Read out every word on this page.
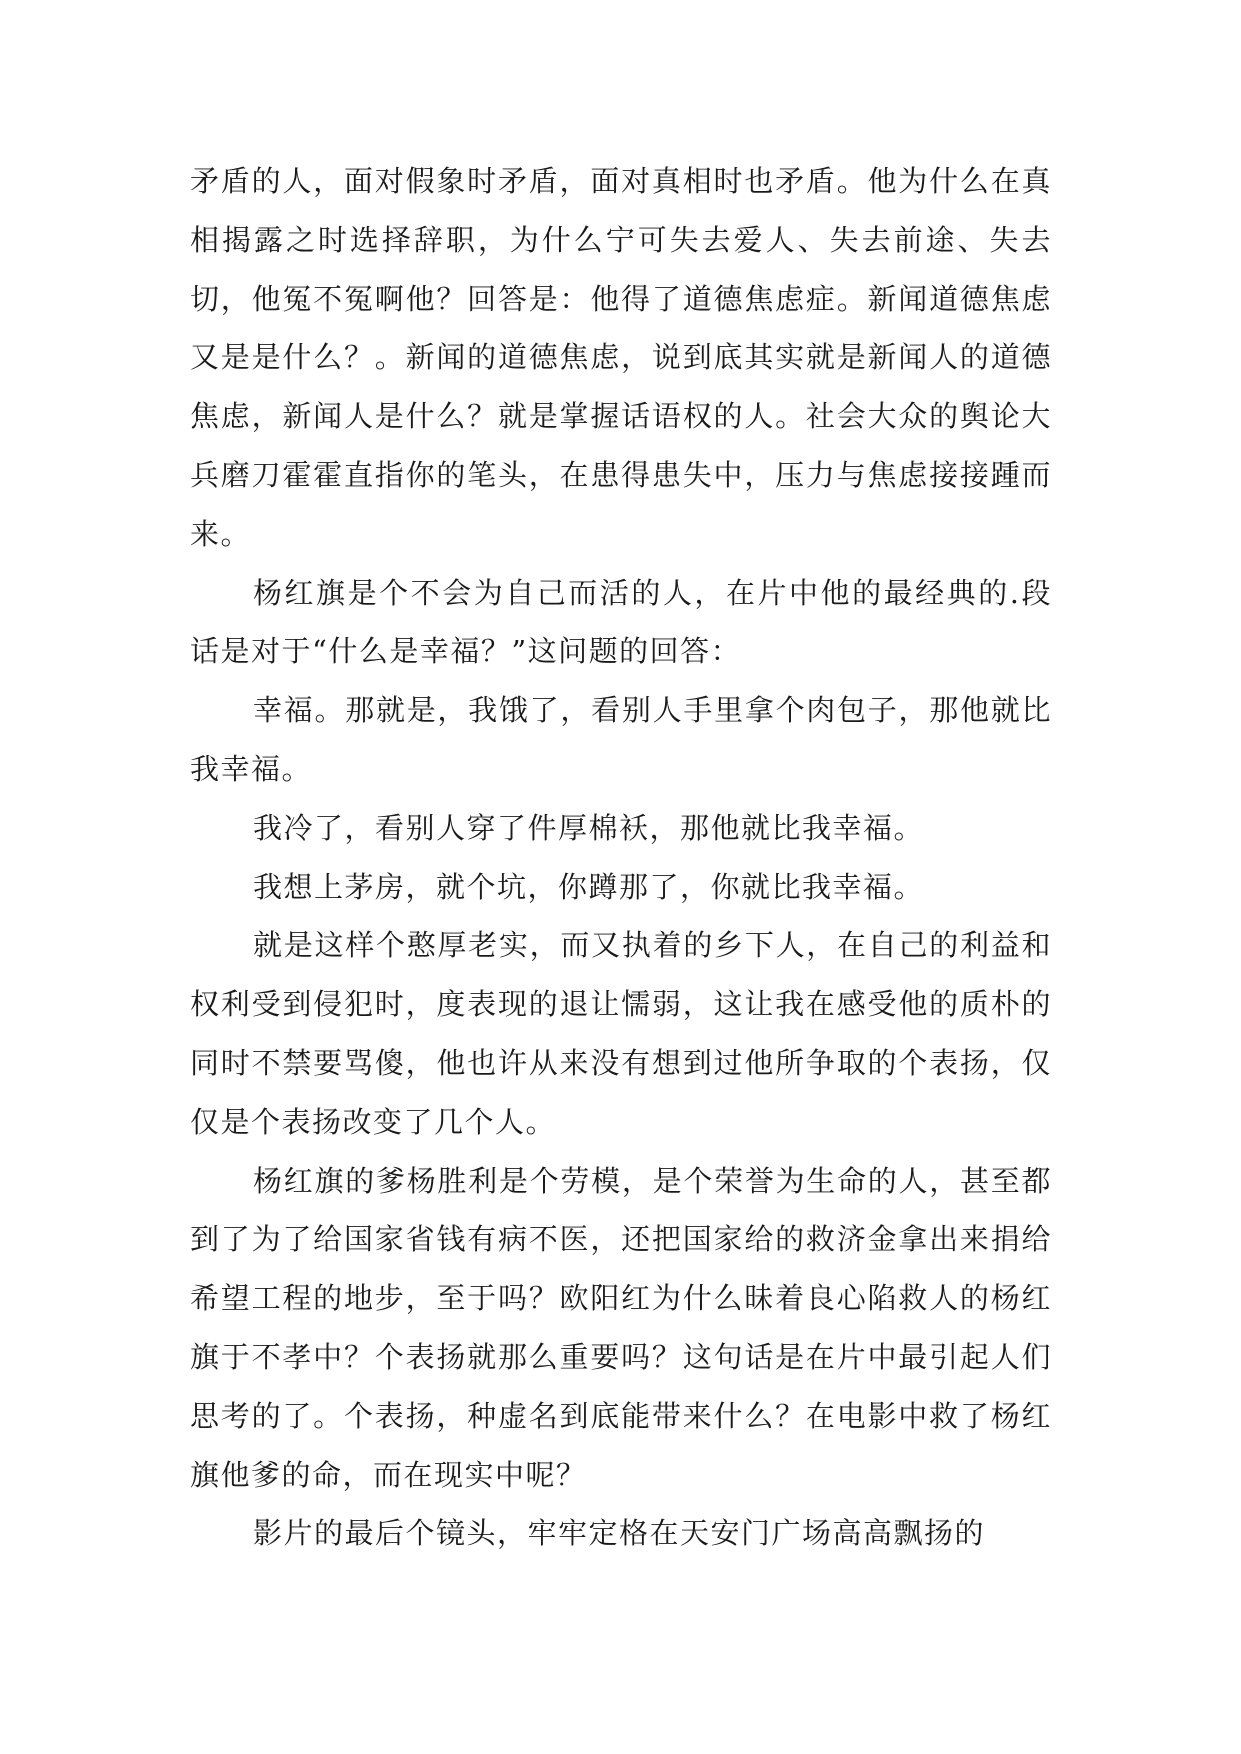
矛盾的人，面对假象时矛盾，面对真相时也矛盾。他为什么在真相揭露之时选择辞职，为什么宁可失去爱人、失去前途、失去切，他冤不冤啊他？回答是：他得了道德焦虑症。新闻道德焦虑又是是什么？。新闻的道德焦虑，说到底其实就是新闻人的道德焦虑，新闻人是什么？就是掌握话语权的人。社会大众的舆论大兵磨刀霍霍直指你的笔头，在患得患失中，压力与焦虑接接踵而来。

杨红旗是个不会为自己而活的人，在片中他的最经典的.段话是对于“什么是幸福？”这问题的回答：

幸福。那就是，我饿了，看别人手里拿个肉包子，那他就比我幸福。

我冷了，看别人穿了件厚棉袄，那他就比我幸福。

我想上茅房，就个坑，你蹲那了，你就比我幸福。

就是这样个憨厚老实，而又执着的乡下人，在自己的利益和权利受到侵犯时，度表现的退让懦弱，这让我在感受他的质朴的同时不禁要骂傻，他也许从来没有想到过他所争取的个表扬，仅仅是个表扬改变了几个人。

杨红旗的爹杨胜利是个劳模，是个荣誉为生命的人，甚至都到了为了给国家省钱有病不医，还把国家给的救济金拿出来捐给希望工程的地步，至于吗？欧阳红为什么昧着良心陷救人的杨红旗于不孝中？个表扬就那么重要吗？这句话是在片中最引起人们思考的了。个表扬，种虚名到底能带来什么？在电影中救了杨红旗他爹的命，而在现实中呢？

影片的最后个镜头，牢牢定格在天安门广场高高飘扬的
